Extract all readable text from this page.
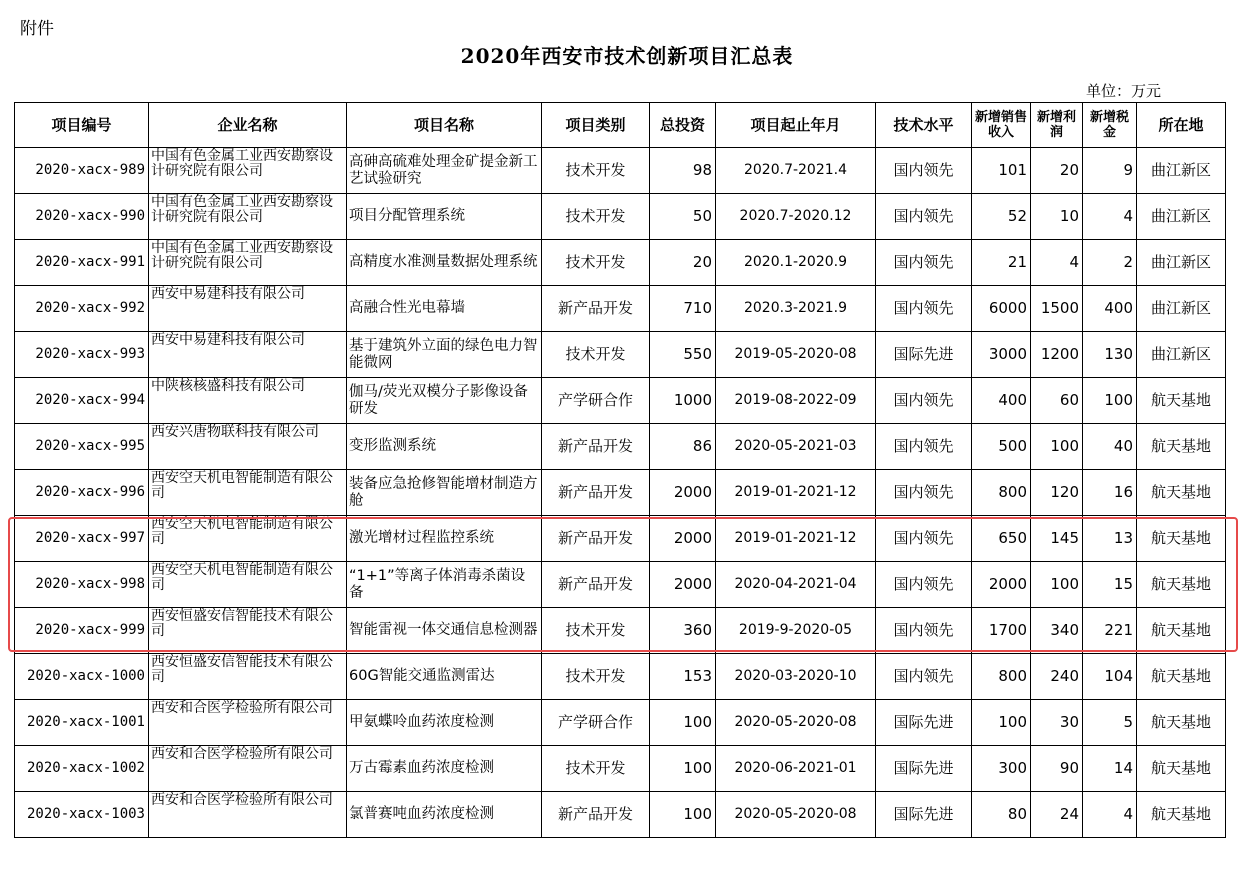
附件
2020年西安市技术创新项目汇总表
单位：万元
项目编号	企业名称	项目名称	项目类别	总投资	项目起止年月	技术水平	新增销售收入	新增利润	新增税金	所在地
2020-xacx-989	中国有色金属工业西安勘察设计研究院有限公司	高砷高硫难处理金矿提金新工艺试验研究	技术开发	98	2020.7-2021.4	国内领先	101	20	9	曲江新区
2020-xacx-990	中国有色金属工业西安勘察设计研究院有限公司	项目分配管理系统	技术开发	50	2020.7-2020.12	国内领先	52	10	4	曲江新区
2020-xacx-991	中国有色金属工业西安勘察设计研究院有限公司	高精度水准测量数据处理系统	技术开发	20	2020.1-2020.9	国内领先	21	4	2	曲江新区
2020-xacx-992	西安中易建科技有限公司	高融合性光电幕墙	新产品开发	710	2020.3-2021.9	国内领先	6000	1500	400	曲江新区
2020-xacx-993	西安中易建科技有限公司	基于建筑外立面的绿色电力智能微网	技术开发	550	2019-05-2020-08	国际先进	3000	1200	130	曲江新区
2020-xacx-994	中陕核核盛科技有限公司	伽马/荧光双模分子影像设备研发	产学研合作	1000	2019-08-2022-09	国内领先	400	60	100	航天基地
2020-xacx-995	西安兴唐物联科技有限公司	变形监测系统	新产品开发	86	2020-05-2021-03	国内领先	500	100	40	航天基地
2020-xacx-996	西安空天机电智能制造有限公司	装备应急抢修智能增材制造方舱	新产品开发	2000	2019-01-2021-12	国内领先	800	120	16	航天基地
2020-xacx-997	西安空天机电智能制造有限公司	激光增材过程监控系统	新产品开发	2000	2019-01-2021-12	国内领先	650	145	13	航天基地
2020-xacx-998	西安空天机电智能制造有限公司	“1+1”等离子体消毒杀菌设备	新产品开发	2000	2020-04-2021-04	国内领先	2000	100	15	航天基地
2020-xacx-999	西安恒盛安信智能技术有限公司	智能雷视一体交通信息检测器	技术开发	360	2019-9-2020-05	国内领先	1700	340	221	航天基地
2020-xacx-1000	西安恒盛安信智能技术有限公司	60G智能交通监测雷达	技术开发	153	2020-03-2020-10	国内领先	800	240	104	航天基地
2020-xacx-1001	西安和合医学检验所有限公司	甲氨蝶呤血药浓度检测	产学研合作	100	2020-05-2020-08	国际先进	100	30	5	航天基地
2020-xacx-1002	西安和合医学检验所有限公司	万古霉素血药浓度检测	技术开发	100	2020-06-2021-01	国际先进	300	90	14	航天基地
2020-xacx-1003	西安和合医学检验所有限公司	氯普赛吨血药浓度检测	新产品开发	100	2020-05-2020-08	国际先进	80	24	4	航天基地
